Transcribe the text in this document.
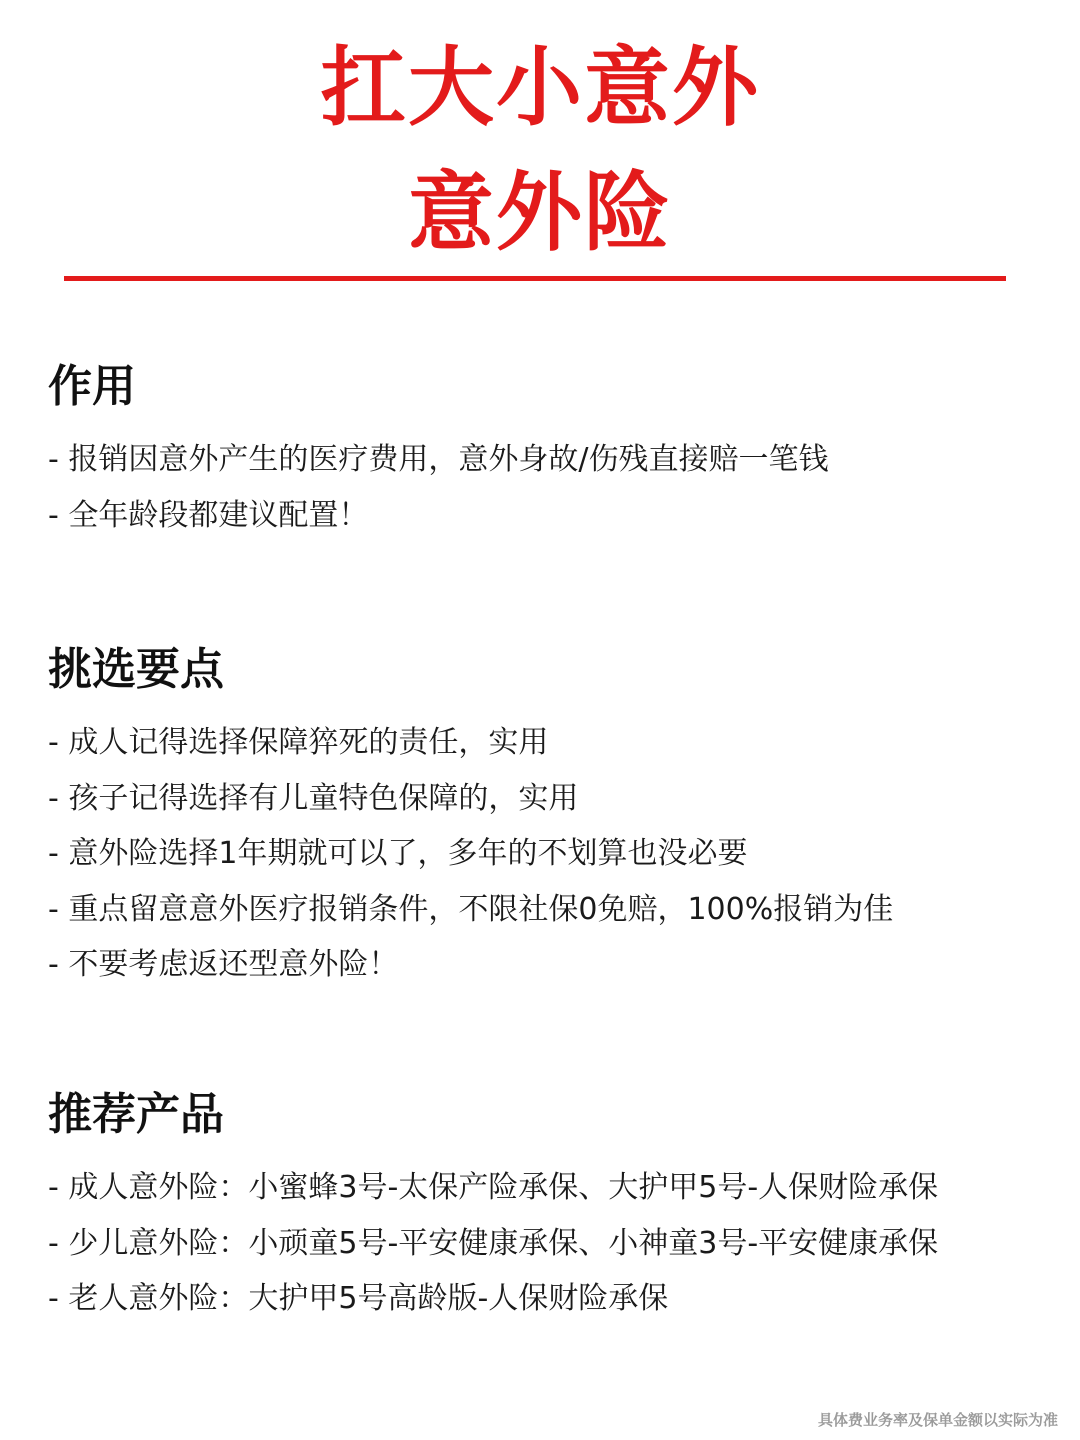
扛大小意外
意外险
作用
- 报销因意外产生的医疗费用，意外身故/伤残直接赔一笔钱
- 全年龄段都建议配置！
挑选要点
- 成人记得选择保障猝死的责任，实用
- 孩子记得选择有儿童特色保障的，实用
- 意外险选择1年期就可以了，多年的不划算也没必要
- 重点留意意外医疗报销条件，不限社保0免赔，100%报销为佳
- 不要考虑返还型意外险！
推荐产品
- 成人意外险：小蜜蜂3号-太保产险承保、大护甲5号-人保财险承保
- 少儿意外险：小顽童5号-平安健康承保、小神童3号-平安健康承保
- 老人意外险：大护甲5号高龄版-人保财险承保
具体费业务率及保单金额以实际为准
